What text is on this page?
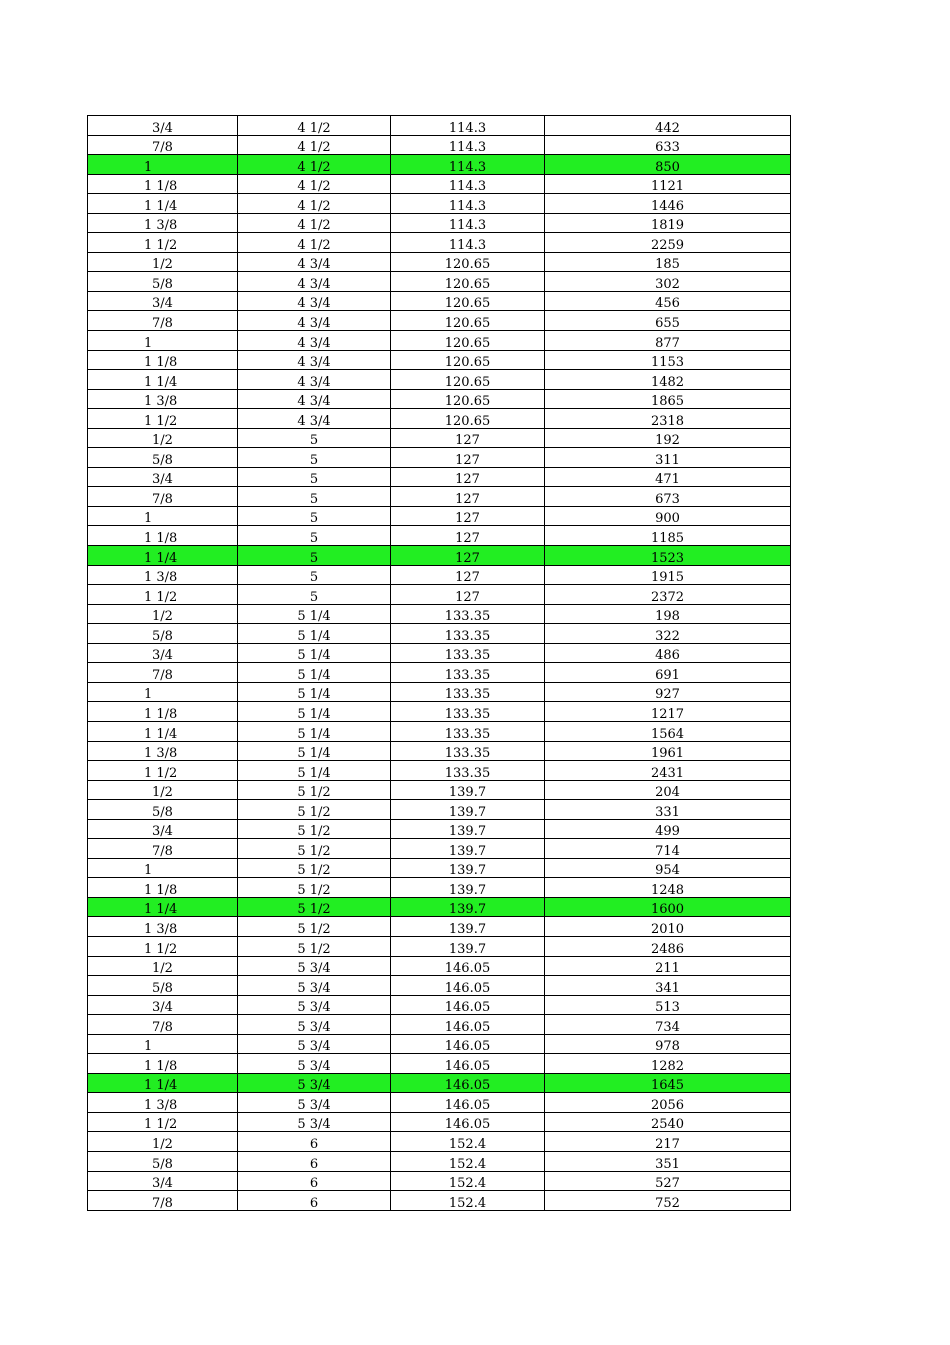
3/4	4 1/2	114.3	442
7/8	4 1/2	114.3	633
1	4 1/2	114.3	850
1 1/8	4 1/2	114.3	1121
1 1/4	4 1/2	114.3	1446
1 3/8	4 1/2	114.3	1819
1 1/2	4 1/2	114.3	2259
1/2	4 3/4	120.65	185
5/8	4 3/4	120.65	302
3/4	4 3/4	120.65	456
7/8	4 3/4	120.65	655
1	4 3/4	120.65	877
1 1/8	4 3/4	120.65	1153
1 1/4	4 3/4	120.65	1482
1 3/8	4 3/4	120.65	1865
1 1/2	4 3/4	120.65	2318
1/2	5	127	192
5/8	5	127	311
3/4	5	127	471
7/8	5	127	673
1	5	127	900
1 1/8	5	127	1185
1 1/4	5	127	1523
1 3/8	5	127	1915
1 1/2	5	127	2372
1/2	5 1/4	133.35	198
5/8	5 1/4	133.35	322
3/4	5 1/4	133.35	486
7/8	5 1/4	133.35	691
1	5 1/4	133.35	927
1 1/8	5 1/4	133.35	1217
1 1/4	5 1/4	133.35	1564
1 3/8	5 1/4	133.35	1961
1 1/2	5 1/4	133.35	2431
1/2	5 1/2	139.7	204
5/8	5 1/2	139.7	331
3/4	5 1/2	139.7	499
7/8	5 1/2	139.7	714
1	5 1/2	139.7	954
1 1/8	5 1/2	139.7	1248
1 1/4	5 1/2	139.7	1600
1 3/8	5 1/2	139.7	2010
1 1/2	5 1/2	139.7	2486
1/2	5 3/4	146.05	211
5/8	5 3/4	146.05	341
3/4	5 3/4	146.05	513
7/8	5 3/4	146.05	734
1	5 3/4	146.05	978
1 1/8	5 3/4	146.05	1282
1 1/4	5 3/4	146.05	1645
1 3/8	5 3/4	146.05	2056
1 1/2	5 3/4	146.05	2540
1/2	6	152.4	217
5/8	6	152.4	351
3/4	6	152.4	527
7/8	6	152.4	752
